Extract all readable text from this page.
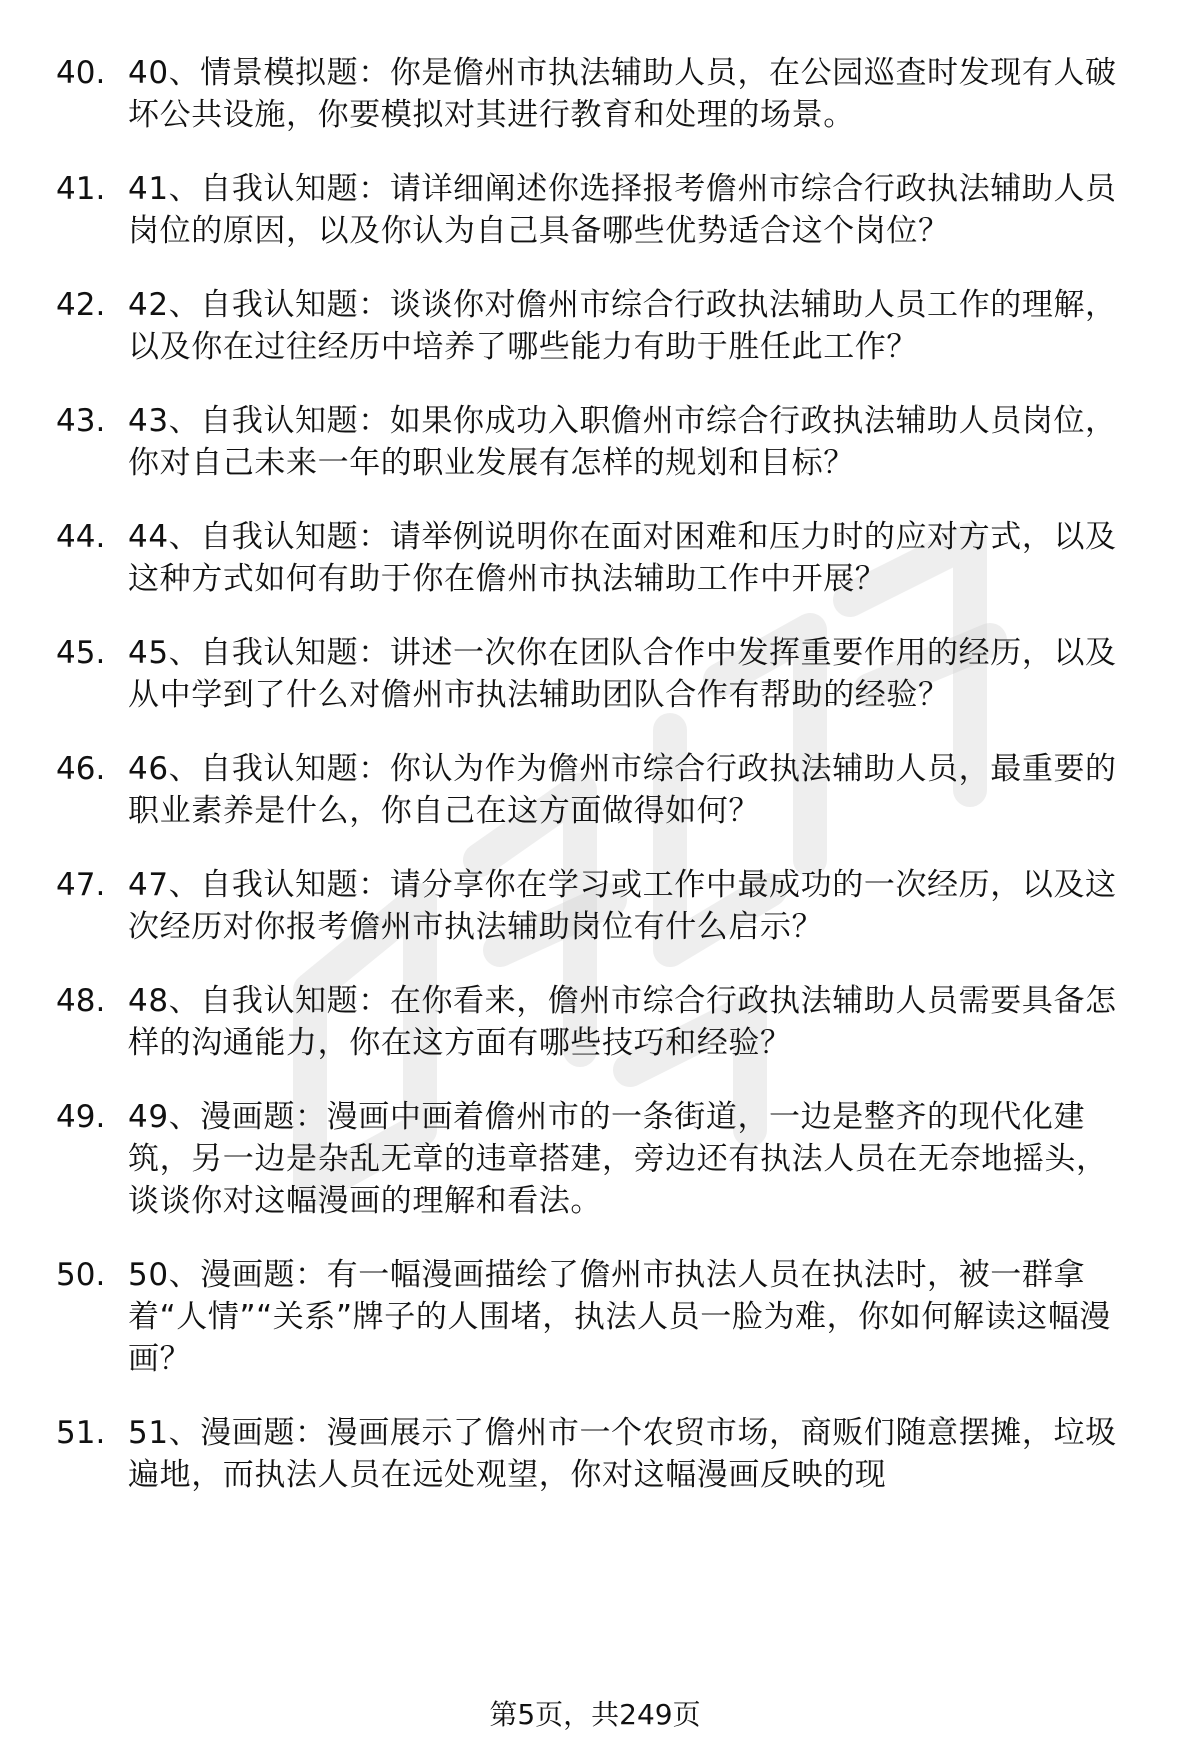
40. 40、情景模拟题：你是儋州市执法辅助人员，在公园巡查时发现有人破坏公共设施，你要模拟对其进行教育和处理的场景。
41. 41、自我认知题：请详细阐述你选择报考儋州市综合行政执法辅助人员岗位的原因，以及你认为自己具备哪些优势适合这个岗位？
42. 42、自我认知题：谈谈你对儋州市综合行政执法辅助人员工作的理解，以及你在过往经历中培养了哪些能力有助于胜任此工作？
43. 43、自我认知题：如果你成功入职儋州市综合行政执法辅助人员岗位，你对自己未来一年的职业发展有怎样的规划和目标？
44. 44、自我认知题：请举例说明你在面对困难和压力时的应对方式，以及这种方式如何有助于你在儋州市执法辅助工作中开展？
45. 45、自我认知题：讲述一次你在团队合作中发挥重要作用的经历，以及从中学到了什么对儋州市执法辅助团队合作有帮助的经验？
46. 46、自我认知题：你认为作为儋州市综合行政执法辅助人员，最重要的职业素养是什么，你自己在这方面做得如何？
47. 47、自我认知题：请分享你在学习或工作中最成功的一次经历，以及这次经历对你报考儋州市执法辅助岗位有什么启示？
48. 48、自我认知题：在你看来，儋州市综合行政执法辅助人员需要具备怎样的沟通能力，你在这方面有哪些技巧和经验？
49. 49、漫画题：漫画中画着儋州市的一条街道，一边是整齐的现代化建筑，另一边是杂乱无章的违章搭建，旁边还有执法人员在无奈地摇头，谈谈你对这幅漫画的理解和看法。
50. 50、漫画题：有一幅漫画描绘了儋州市执法人员在执法时，被一群拿着“人情”“关系”牌子的人围堵，执法人员一脸为难，你如何解读这幅漫画？
51. 51、漫画题：漫画展示了儋州市一个农贸市场，商贩们随意摆摊，垃圾遍地，而执法人员在远处观望，你对这幅漫画反映的现
第5页，共249页
